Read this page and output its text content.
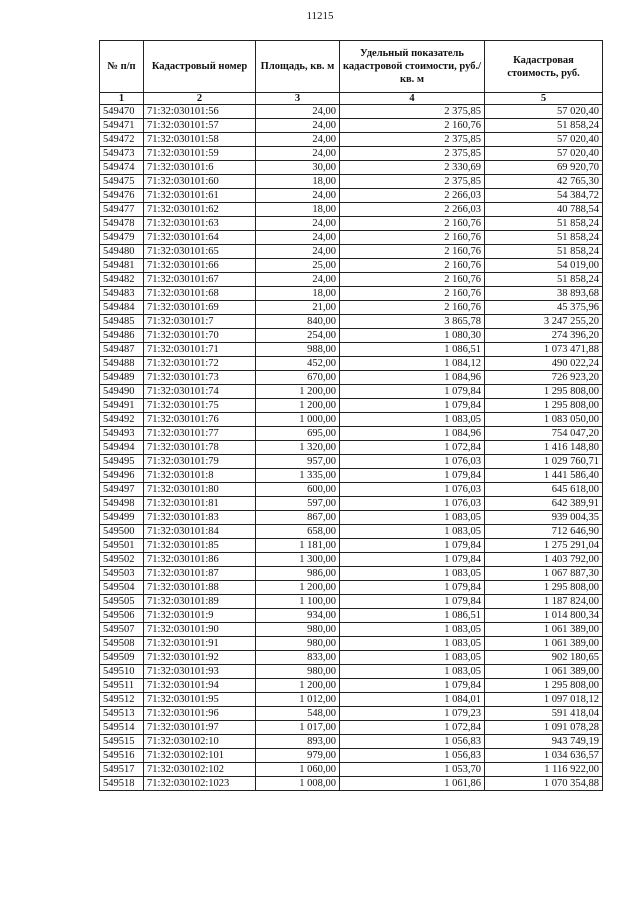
11215
№ п/п	Кадастровый номер	Площадь, кв. м	Удельный показатель кадастровой стоимости, руб./кв. м	Кадастровая стоимость, руб.
1	2	3	4	5
549470	71:32:030101:56	24,00	2 375,85	57 020,40
549471	71:32:030101:57	24,00	2 160,76	51 858,24
549472	71:32:030101:58	24,00	2 375,85	57 020,40
549473	71:32:030101:59	24,00	2 375,85	57 020,40
549474	71:32:030101:6	30,00	2 330,69	69 920,70
549475	71:32:030101:60	18,00	2 375,85	42 765,30
549476	71:32:030101:61	24,00	2 266,03	54 384,72
549477	71:32:030101:62	18,00	2 266,03	40 788,54
549478	71:32:030101:63	24,00	2 160,76	51 858,24
549479	71:32:030101:64	24,00	2 160,76	51 858,24
549480	71:32:030101:65	24,00	2 160,76	51 858,24
549481	71:32:030101:66	25,00	2 160,76	54 019,00
549482	71:32:030101:67	24,00	2 160,76	51 858,24
549483	71:32:030101:68	18,00	2 160,76	38 893,68
549484	71:32:030101:69	21,00	2 160,76	45 375,96
549485	71:32:030101:7	840,00	3 865,78	3 247 255,20
549486	71:32:030101:70	254,00	1 080,30	274 396,20
549487	71:32:030101:71	988,00	1 086,51	1 073 471,88
549488	71:32:030101:72	452,00	1 084,12	490 022,24
549489	71:32:030101:73	670,00	1 084,96	726 923,20
549490	71:32:030101:74	1 200,00	1 079,84	1 295 808,00
549491	71:32:030101:75	1 200,00	1 079,84	1 295 808,00
549492	71:32:030101:76	1 000,00	1 083,05	1 083 050,00
549493	71:32:030101:77	695,00	1 084,96	754 047,20
549494	71:32:030101:78	1 320,00	1 072,84	1 416 148,80
549495	71:32:030101:79	957,00	1 076,03	1 029 760,71
549496	71:32:030101:8	1 335,00	1 079,84	1 441 586,40
549497	71:32:030101:80	600,00	1 076,03	645 618,00
549498	71:32:030101:81	597,00	1 076,03	642 389,91
549499	71:32:030101:83	867,00	1 083,05	939 004,35
549500	71:32:030101:84	658,00	1 083,05	712 646,90
549501	71:32:030101:85	1 181,00	1 079,84	1 275 291,04
549502	71:32:030101:86	1 300,00	1 079,84	1 403 792,00
549503	71:32:030101:87	986,00	1 083,05	1 067 887,30
549504	71:32:030101:88	1 200,00	1 079,84	1 295 808,00
549505	71:32:030101:89	1 100,00	1 079,84	1 187 824,00
549506	71:32:030101:9	934,00	1 086,51	1 014 800,34
549507	71:32:030101:90	980,00	1 083,05	1 061 389,00
549508	71:32:030101:91	980,00	1 083,05	1 061 389,00
549509	71:32:030101:92	833,00	1 083,05	902 180,65
549510	71:32:030101:93	980,00	1 083,05	1 061 389,00
549511	71:32:030101:94	1 200,00	1 079,84	1 295 808,00
549512	71:32:030101:95	1 012,00	1 084,01	1 097 018,12
549513	71:32:030101:96	548,00	1 079,23	591 418,04
549514	71:32:030101:97	1 017,00	1 072,84	1 091 078,28
549515	71:32:030102:10	893,00	1 056,83	943 749,19
549516	71:32:030102:101	979,00	1 056,83	1 034 636,57
549517	71:32:030102:102	1 060,00	1 053,70	1 116 922,00
549518	71:32:030102:1023	1 008,00	1 061,86	1 070 354,88
